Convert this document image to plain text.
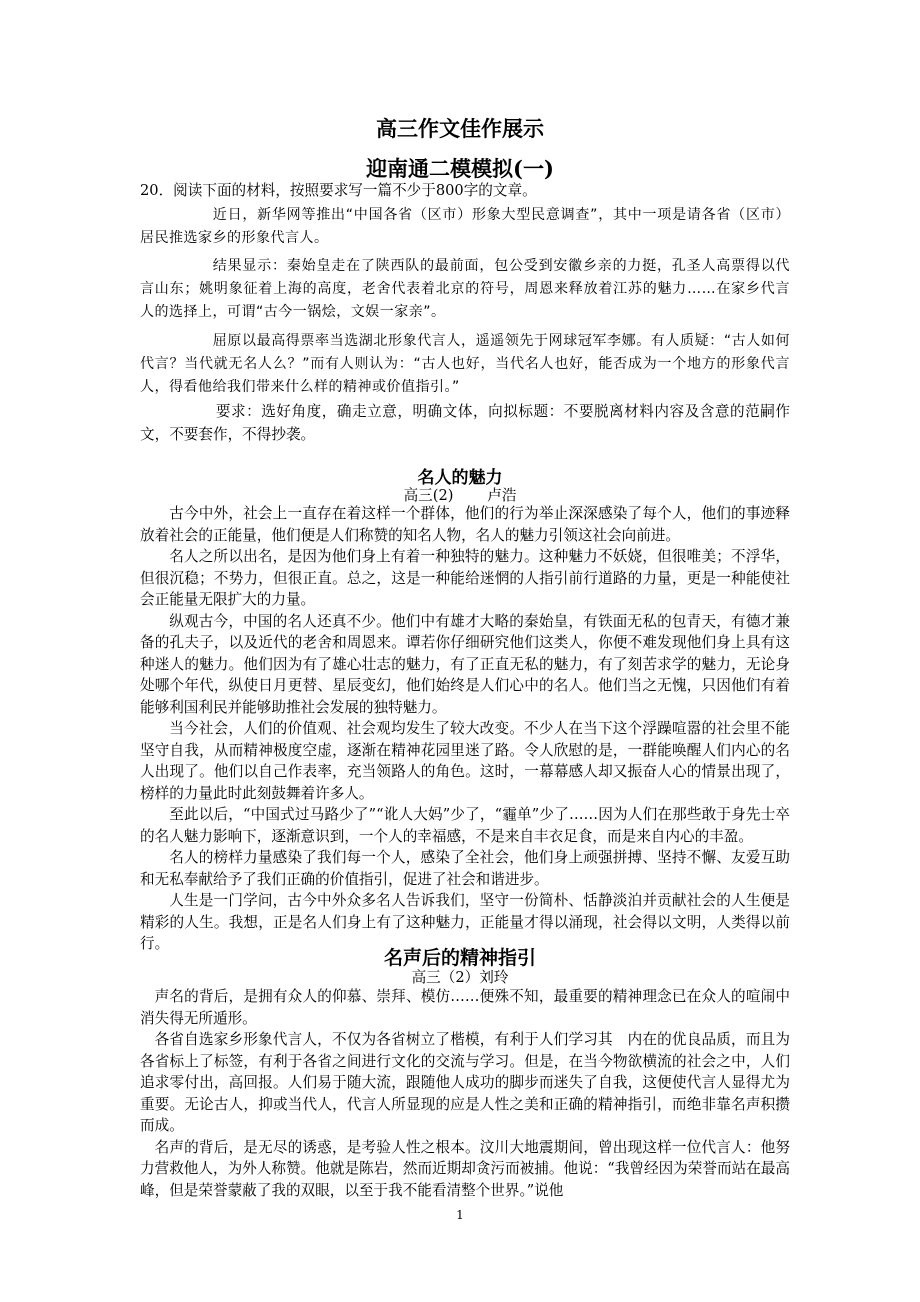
高三作文佳作展示
迎南通二模模拟(一)

20．阅读下面的材料，按照要求写一篇不少于800字的文章。

近日，新华网等推出“中国各省（区市）形象大型民意调查”，其中一项是请各省（区市）居民推选家乡的形象代言人。

结果显示：秦始皇走在了陕西队的最前面，包公受到安徽乡亲的力挺，孔圣人高票得以代言山东；姚明象征着上海的高度，老舍代表着北京的符号，周恩来释放着江苏的魅力……在家乡代言人的选择上，可谓“古今一锅烩，文娱一家亲”。

屈原以最高得票率当选湖北形象代言人，遥遥领先于网球冠军李娜。有人质疑：“古人如何代言？当代就无名人么？”而有人则认为：“古人也好，当代名人也好，能否成为一个地方的形象代言人，得看他给我们带来什么样的精神或价值指引。”

要求：选好角度，确走立意，明确文体，向拟标题：不要脱离材料内容及含意的范嗣作文，不要套作，不得抄袭。

名人的魅力
高三(2)　　 卢浩

古今中外，社会上一直存在着这样一个群体，他们的行为举止深深感染了每个人，他们的事迹释放着社会的正能量，他们便是人们称赞的知名人物，名人的魅力引领这社会向前进。

名人之所以出名，是因为他们身上有着一种独特的魅力。这种魅力不妖娆，但很唯美；不浮华，但很沉稳；不势力，但很正直。总之，这是一种能给迷惘的人指引前行道路的力量，更是一种能使社会正能量无限扩大的力量。

纵观古今，中国的名人还真不少。他们中有雄才大略的秦始皇，有铁面无私的包青天，有德才兼备的孔夫子，以及近代的老舍和周恩来。谭若你仔细研究他们这类人，你便不难发现他们身上具有这种迷人的魅力。他们因为有了雄心壮志的魅力，有了正直无私的魅力，有了刻苦求学的魅力，无论身处哪个年代，纵使日月更替、星辰变幻，他们始终是人们心中的名人。他们当之无愧，只因他们有着能够利国利民并能够助推社会发展的独特魅力。

当今社会，人们的价值观、社会观均发生了较大改变。不少人在当下这个浮躁喧嚣的社会里不能坚守自我，从而精神极度空虚，逐渐在精神花园里迷了路。令人欣慰的是，一群能唤醒人们内心的名人出现了。他们以自己作表率，充当领路人的角色。这时，一幕幕感人却又振奋人心的情景出现了，榜样的力量此时此刻鼓舞着许多人。

至此以后，“中国式过马路少了”“讹人大妈”少了，“霾单”少了……因为人们在那些敢于身先士卒的名人魅力影响下，逐渐意识到，一个人的幸福感，不是来自丰衣足食，而是来自内心的丰盈。

名人的榜样力量感染了我们每一个人，感染了全社会，他们身上顽强拼搏、坚持不懈、友爱互助和无私奉献给予了我们正确的价值指引，促进了社会和谐进步。

人生是一门学问，古今中外众多名人告诉我们，坚守一份简朴、恬静淡泊并贡献社会的人生便是精彩的人生。我想，正是名人们身上有了这种魅力，正能量才得以涌现，社会得以文明，人类得以前行。

名声后的精神指引
高三（2）刘玲

声名的背后，是拥有众人的仰慕、崇拜、模仿……便殊不知，最重要的精神理念已在众人的喧闹中消失得无所遁形。

各省自选家乡形象代言人，不仅为各省树立了楷模，有利于人们学习其　内在的优良品质，而且为各省标上了标签，有利于各省之间进行文化的交流与学习。但是，在当今物欲横流的社会之中，人们追求零付出，高回报。人们易于随大流，跟随他人成功的脚步而迷失了自我，这便使代言人显得尤为重要。无论古人，抑或当代人，代言人所显现的应是人性之美和正确的精神指引，而绝非靠名声积攒而成。

名声的背后，是无尽的诱惑，是考验人性之根本。汶川大地震期间，曾出现这样一位代言人：他努力营救他人，为外人称赞。他就是陈岩，然而近期却贪污而被捕。他说：“我曾经因为荣誉而站在最高峰，但是荣誉蒙蔽了我的双眼，以至于我不能看清整个世界。”说他

1
